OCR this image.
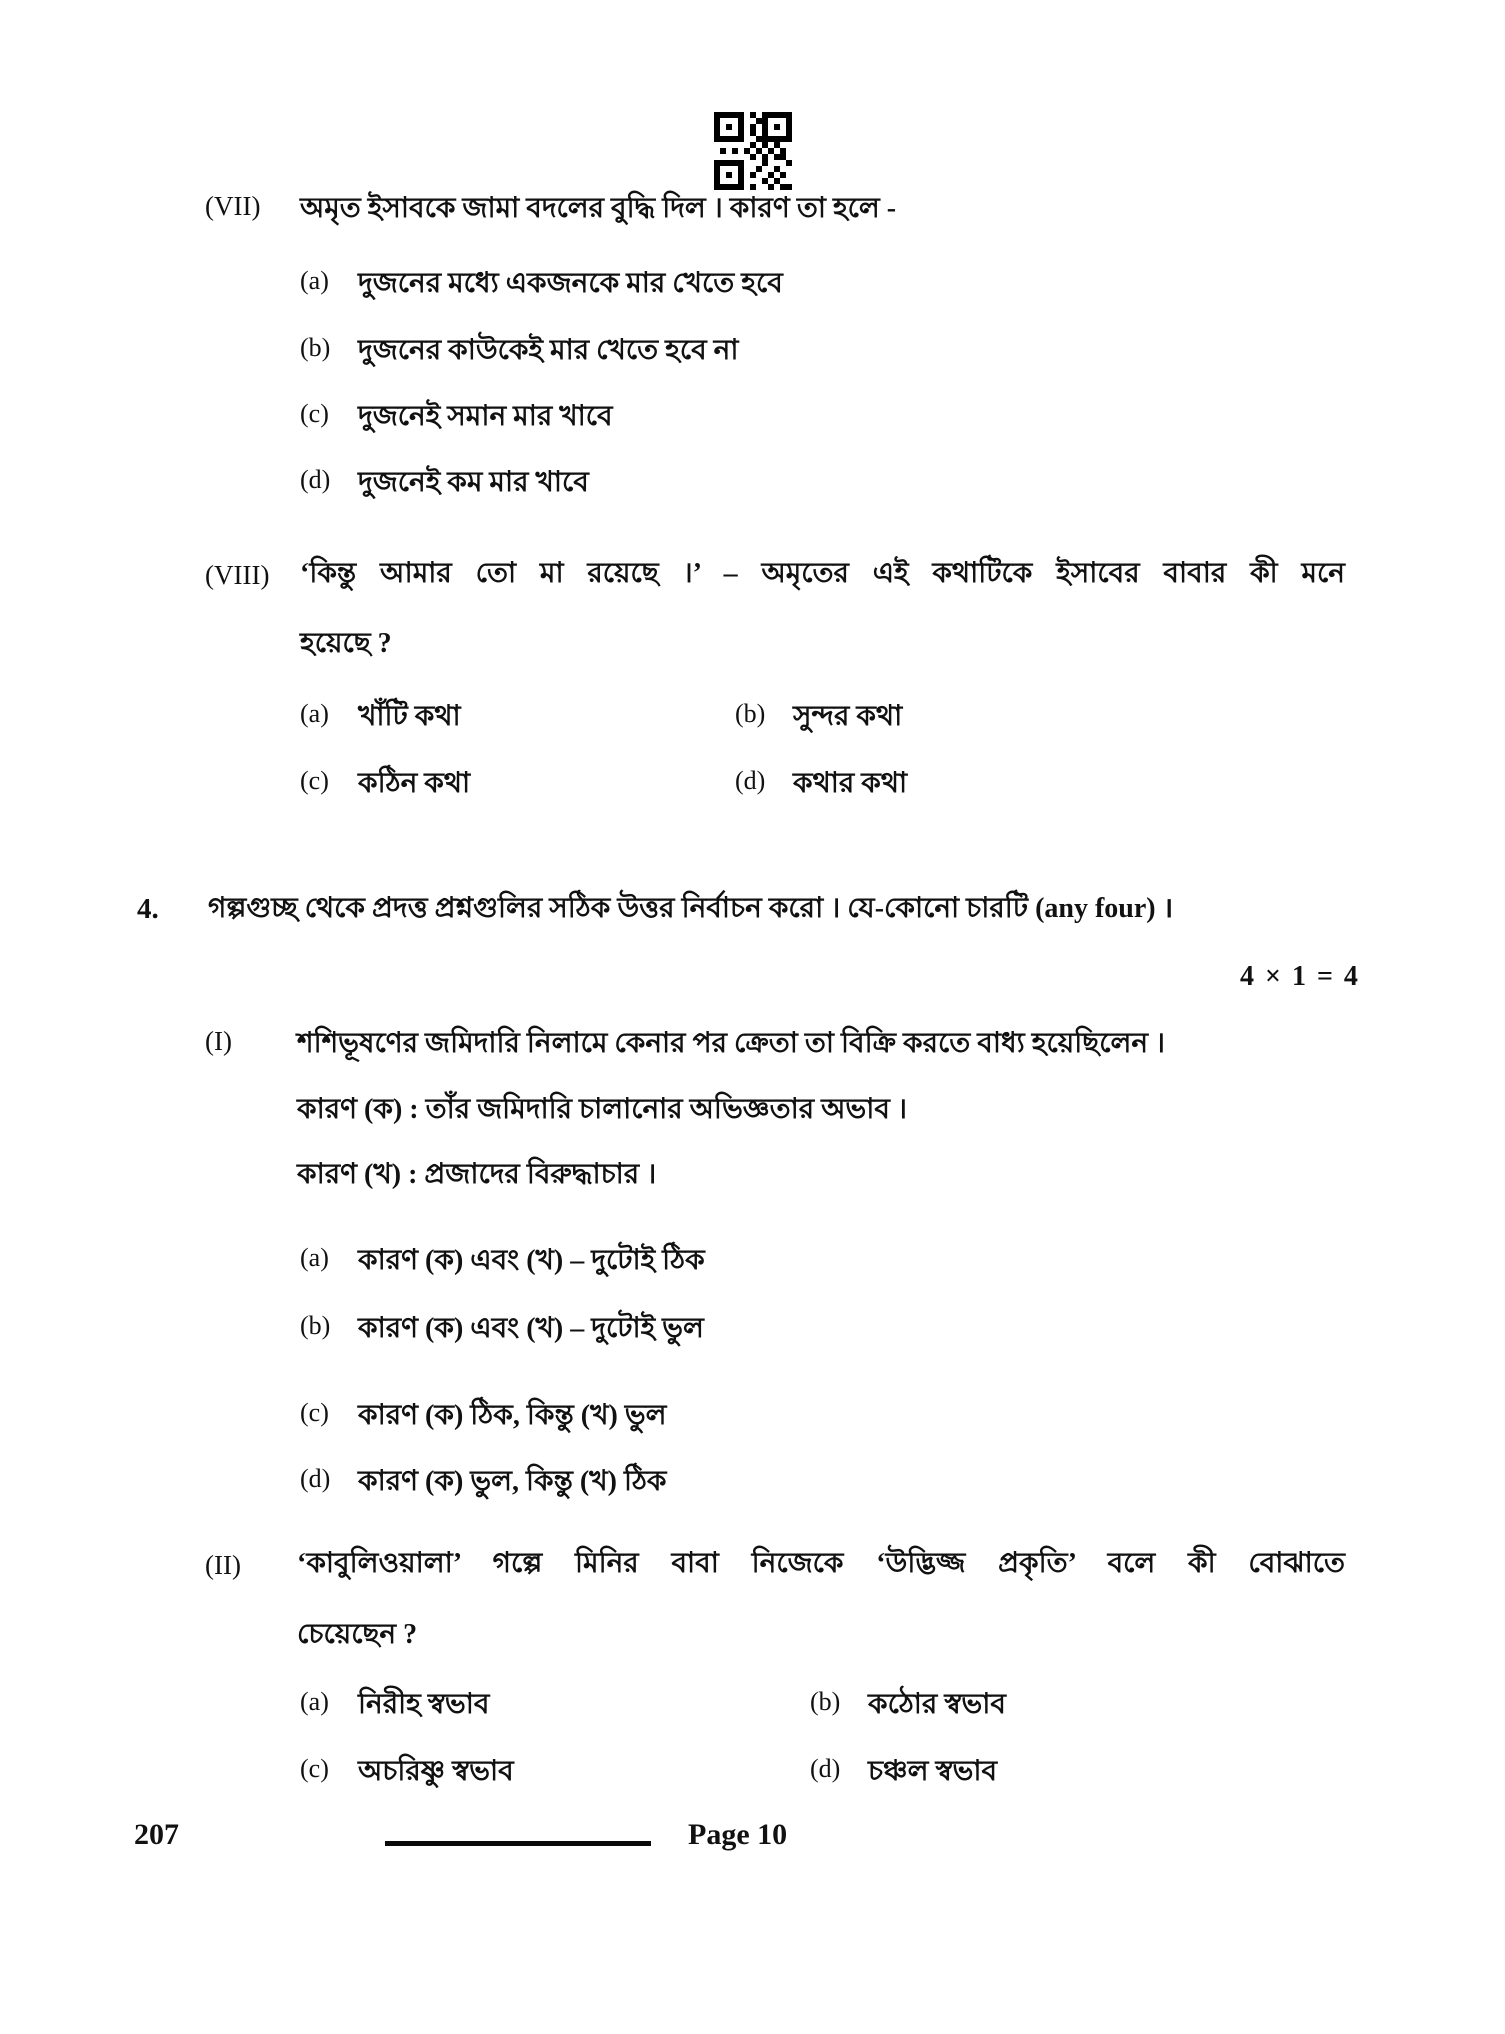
(VII)	অমৃত ইসাবকে জামা বদলের বুদ্ধি দিল । কারণ তা হলে -
(a)	দুজনের মধ্যে একজনকে মার খেতে হবে
(b) দুজনের কাউকেই মার খেতে হবে না
(c)	দুজনেই সমান মার খাবে
(d) দুজনেই কম মার খাবে
(VIII) ‘কিন্তু আমার তো মা রয়েছে ।’ – অমৃতের এই কথাটিকে ইসাবের বাবার কী মনে
হয়েছে ?
(a)	খাঁটি কথা	(b) সুন্দর কথা
(c)	কঠিন কথা	(d) কথার কথা
4. গল্পগুচ্ছ থেকে প্রদত্ত প্রশ্নগুলির সঠিক উত্তর নির্বাচন করো । যে-কোনো চারটি (any four) ।
4 × 1 = 4
(I)	শশিভূষণের জমিদারি নিলামে কেনার পর ক্রেতা তা বিক্রি করতে বাধ্য হয়েছিলেন ।
কারণ (ক) : তাঁর জমিদারি চালানোর অভিজ্ঞতার অভাব ।
কারণ (খ) : প্রজাদের বিরুদ্ধাচার ।
(a)	কারণ (ক) এবং (খ) – দুটোই ঠিক
(b) কারণ (ক) এবং (খ) – দুটোই ভুল
(c)	কারণ (ক) ঠিক, কিন্তু (খ) ভুল
(d) কারণ (ক) ভুল, কিন্তু (খ) ঠিক
(II) ‘কাবুলিওয়ালা’ গল্পে মিনির বাবা নিজেকে ‘উদ্ভিজ্জ প্রকৃতি’ বলে কী বোঝাতে
চেয়েছেন ?
(a)	নিরীহ স্বভাব	(b) কঠোর স্বভাব
(c)	অচরিষ্ণু স্বভাব	(d) চঞ্চল স্বভাব
207	Page 10
